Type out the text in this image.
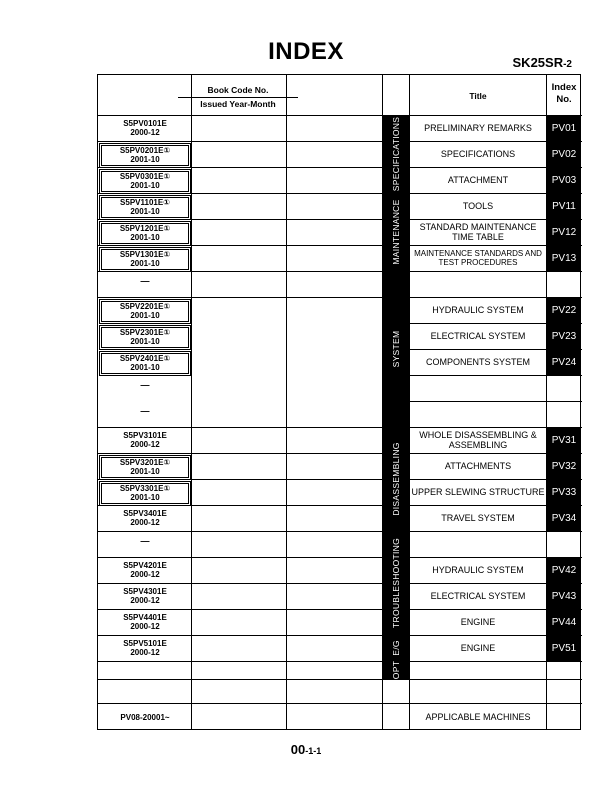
INDEX	SK25SR-2
Book Code No.
Issued Year-Month
Title
Index
No.
SPECIFICATIONS
MAINTENANCE
SYSTEM
DISASSEMBLING
TROUBLESHOOTING
E/G
OPT
S5PV0101E
2000-12
S5PV0201E①
2001-10
S5PV0301E①
2001-10
S5PV1101E①
2001-10
S5PV1201E①
2001-10
S5PV1301E①
2001-10
—
S5PV2201E①
2001-10
S5PV2301E①
2001-10
S5PV2401E①
2001-10
—
—
S5PV3101E
2000-12
S5PV3201E①
2001-10
S5PV3301E①
2001-10
S5PV3401E
2000-12
—
S5PV4201E
2000-12
S5PV4301E
2000-12
S5PV4401E
2000-12
S5PV5101E
2000-12
PV08-20001~
PRELIMINARY REMARKS
SPECIFICATIONS
ATTACHMENT
TOOLS
STANDARD MAINTENANCE TIME TABLE
MAINTENANCE STANDARDS AND TEST PROCEDURES
HYDRAULIC SYSTEM
ELECTRICAL SYSTEM
COMPONENTS SYSTEM
WHOLE DISASSEMBLING & ASSEMBLING
ATTACHMENTS
UPPER SLEWING STRUCTURE
TRAVEL SYSTEM
HYDRAULIC SYSTEM
ELECTRICAL SYSTEM
ENGINE
ENGINE
APPLICABLE MACHINES
PV01
PV02
PV03
PV11
PV12
PV13
PV22
PV23
PV24
PV31
PV32
PV33
PV34
PV42
PV43
PV44
PV51
00-1-1
